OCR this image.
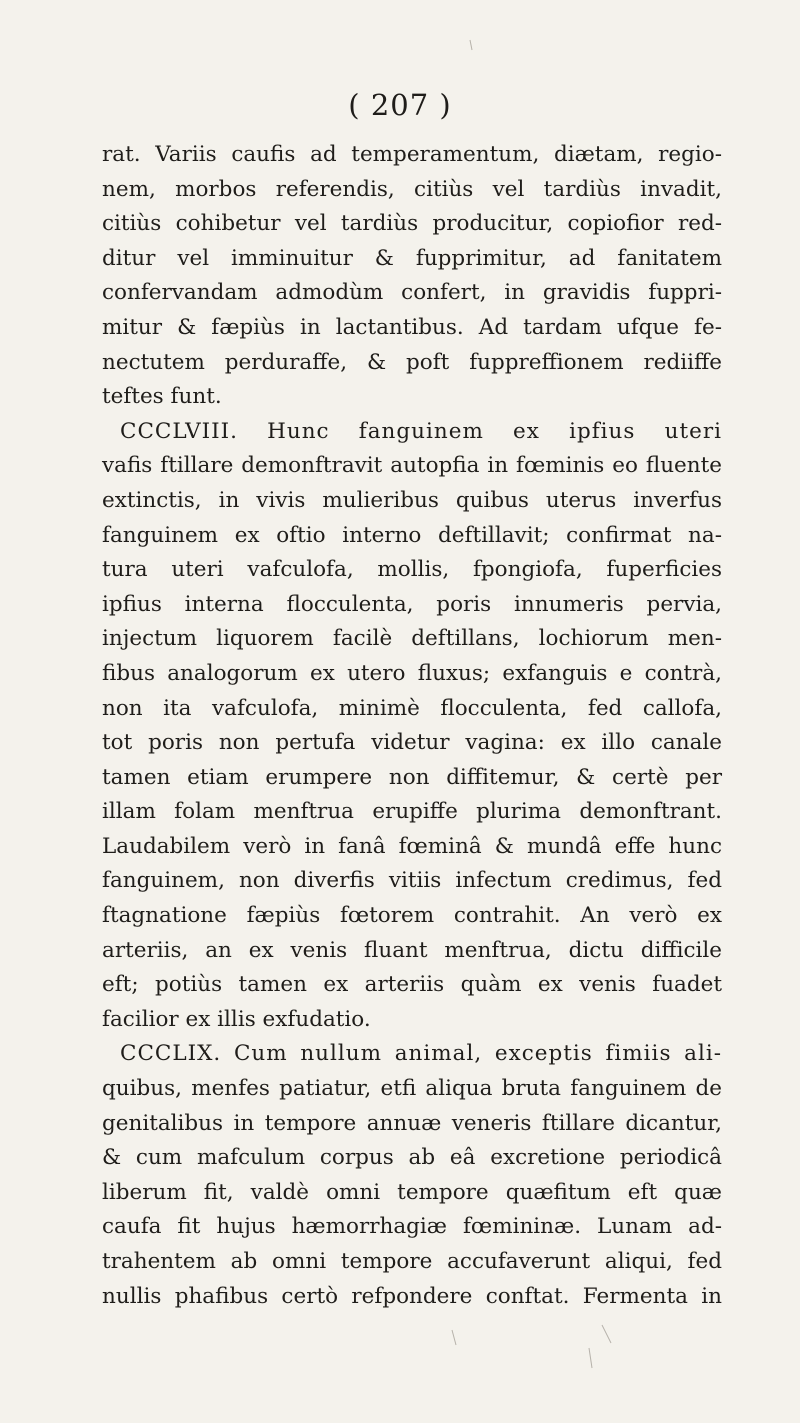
( 207 )
rat. Variis caufis ad temperamentum, diætam, regio-
nem, morbos referendis, citiùs vel tardiùs invadit,
citiùs cohibetur vel tardiùs producitur, copiofior red-
ditur vel imminuitur & fupprimitur, ad fanitatem
confervandam admodùm confert, in gravidis fuppri-
mitur & fæpiùs in lactantibus. Ad tardam ufque fe-
nectutem perduraffe, & poft fuppreffionem rediiffe
teftes funt.
CCCLVIII. Hunc fanguinem ex ipfius uteri
vafis ftillare demonftravit autopfia in fœminis eo fluente
extinctis, in vivis mulieribus quibus uterus inverfus
fanguinem ex oftio interno deftillavit; confirmat na-
tura uteri vafculofa, mollis, fpongiofa, fuperficies
ipfius interna flocculenta, poris innumeris pervia,
injectum liquorem facilè deftillans, lochiorum men-
fibus analogorum ex utero fluxus; exfanguis e contrà,
non ita vafculofa, minimè flocculenta, fed callofa,
tot poris non pertufa videtur vagina: ex illo canale
tamen etiam erumpere non diffitemur, & certè per
illam folam menftrua erupiffe plurima demonftrant.
Laudabilem verò in fanâ fœminâ & mundâ effe hunc
fanguinem, non diverfis vitiis infectum credimus, fed
ftagnatione fæpiùs fœtorem contrahit. An verò ex
arteriis, an ex venis fluant menftrua, dictu difficile
eft; potiùs tamen ex arteriis quàm ex venis fuadet
facilior ex illis exfudatio.
CCCLIX. Cum nullum animal, exceptis fimiis ali-
quibus, menfes patiatur, etfi aliqua bruta fanguinem de
genitalibus in tempore annuæ veneris ftillare dicantur,
& cum mafculum corpus ab eâ excretione periodicâ
liberum fit, valdè omni tempore quæfitum eft quæ
caufa fit hujus hæmorrhagiæ fœmininæ. Lunam ad-
trahentem ab omni tempore accufaverunt aliqui, fed
nullis phafibus certò refpondere conftat. Fermenta in
